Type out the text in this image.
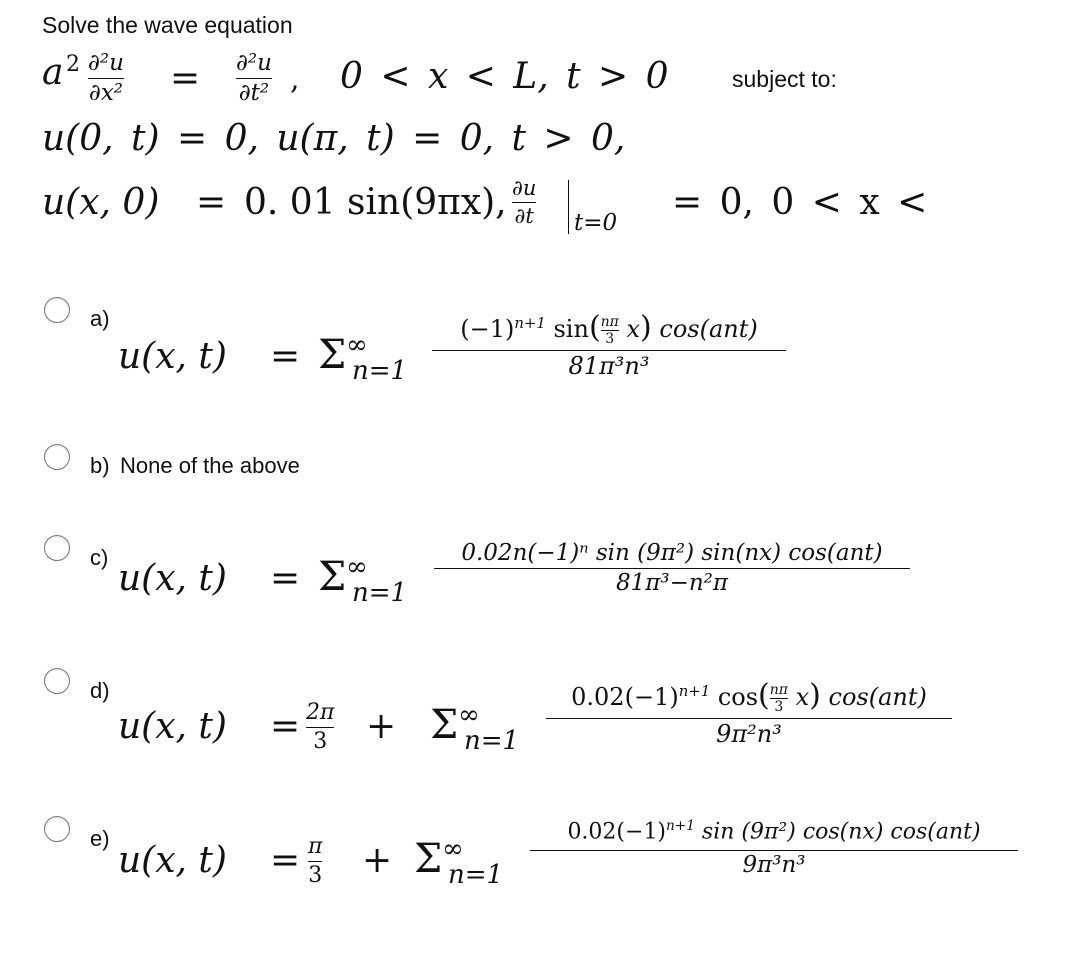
Solve the wave equation
a 2 ∂²u
∂x² = ∂²u
∂t² , 0 < x < L, t > 0	subject to:
u(0, t) = 0, u(π, t) = 0, t > 0,
u(x, 0) = 0. 01 sin(9πx), ∂u
∂t t=0 = 0, 0 < x <
a)
u(x, t) = Σ ∞
n=1
$(-1)^{n+1}$ $\sin( \frac{n\pi}{3} x)$ cos(ant)
81π³n³
b) None of the above
c)
u(x, t) = Σ ∞
n=1
0.02n(−1)ⁿ sin (9π²) sin(nx) cos(ant)
81π³−n²π
d)
u(x, t) = 2π
3 + Σ ∞
n=1
$0.02(-1)^{n+1}$ $\cos( \frac{n\pi}{3} x)$ cos(ant)
9π²n³
e)
u(x, t) = π
3 + Σ ∞
n=1
$0.02(-1)^{n+1}$ sin (9π²) cos(nx) cos(ant)
9π³n³
